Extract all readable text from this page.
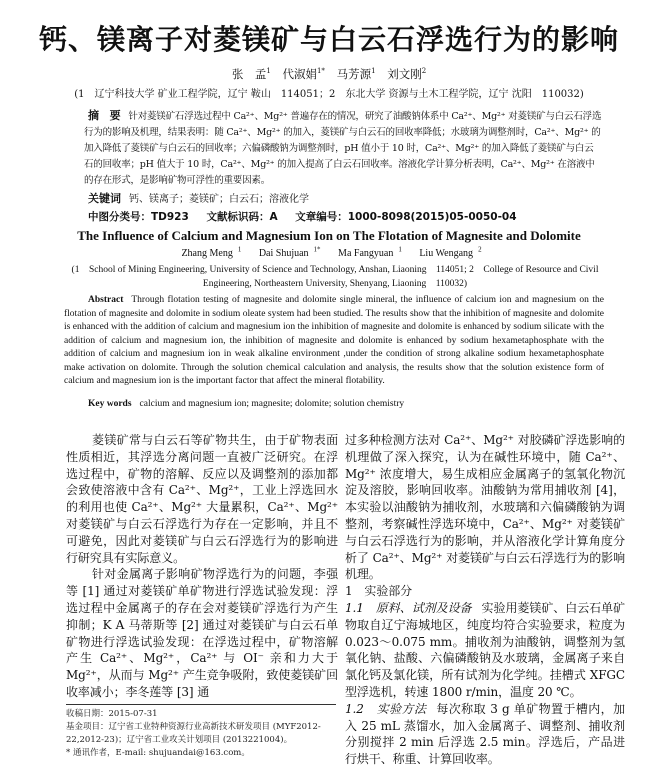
钙、镁离子对菱镁矿与白云石浮选行为的影响
张　孟$^1$ 代淑娟$^{1*}$ 马芳源$^1$ 刘文刚$^2$
(1　辽宁科技大学 矿业工程学院，辽宁 鞍山　114051；2　东北大学 资源与土木工程学院，辽宁 沈阳　110032)
摘　要 针对菱镁矿石浮选过程中 Ca²⁺、Mg²⁺ 普遍存在的情况，研究了油酸钠体系中 Ca²⁺、Mg²⁺ 对菱镁矿与白云石浮选行为的影响及机理，结果表明：随 Ca²⁺、Mg²⁺ 的加入，菱镁矿与白云石的回收率降低；水玻璃为调整剂时，Ca²⁺、Mg²⁺ 的加入降低了菱镁矿与白云石的回收率；六偏磷酸钠为调整剂时，pH 值小于 10 时，Ca²⁺、Mg²⁺ 的加入降低了菱镁矿与白云石的回收率；pH 值大于 10 时，Ca²⁺、Mg²⁺ 的加入提高了白云石回收率。溶液化学计算分析表明，Ca²⁺、Mg²⁺ 在溶液中的存在形式，是影响矿物可浮性的重要因素。
关键词 钙、镁离子；菱镁矿；白云石；溶液化学
中图分类号：TD923 文献标识码：A 文章编号：1000-8098(2015)05-0050-04
The Influence of Calcium and Magnesium Ion on The Flotation of Magnesite and Dolomite
Zhang Meng $^1$ Dai Shujuan $^{1*}$ Ma Fangyuan $^1$ Liu Wengang $^2$
(1　School of Mining Engineering, University of Science and Technology, Anshan, Liaoning　114051; 2　College of Resource and Civil Engineering, Northeastern University, Shenyang, Liaoning　110032)
Abstract Through flotation testing of magnesite and dolomite single mineral, the influence of calcium ion and magnesium on the flotation of magnesite and dolomite in sodium oleate system had been studied. The results show that the inhibition of magnesite and dolomite is enhanced with the addition of calcium and magnesium ion the inhibition of magnesite and dolomite is enhanced by sodium silicate with the addition of calcium and magnesium ion, the inhibition of magnesite and dolomite is enhanced by sodium hexametaphosphate with the addition of calcium and magnesium ion in weak alkaline environment ,under the condition of strong alkaline sodium hexametaphosphate make activation on dolomite. Through the solution chemical calculation and analysis, the results show that the solution existence form of calcium and magnesium ion is the important factor that affect the mineral flotability.
Key words calcium and magnesium ion; magnesite; dolomite; solution chemistry

菱镁矿常与白云石等矿物共生，由于矿物表面性质相近，其浮选分离问题一直被广泛研究。在浮选过程中，矿物的溶解、反应以及调整剂的添加都会致使溶液中含有 Ca²⁺、Mg²⁺，工业上浮选回水的利用也使 Ca²⁺、Mg²⁺ 大量累积，Ca²⁺、Mg²⁺ 对菱镁矿与白云石浮选行为存在一定影响，并且不可避免，因此对菱镁矿与白云石浮选行为的影响进行研究具有实际意义。

针对金属离子影响矿物浮选行为的问题，李强等 [1] 通过对菱镁矿单矿物进行浮选试验发现：浮选过程中金属离子的存在会对菱镁矿浮选行为产生抑制；K A 马蒂斯等 [2] 通过对菱镁矿与白云石单矿物进行浮选试验发现：在浮选过程中，矿物溶解产生 Ca²⁺、Mg²⁺，Ca²⁺ 与 OI⁻ 亲和力大于 Mg²⁺，从而与 Mg²⁺ 产生竞争吸附，致使菱镁矿回收率减小；李冬莲等 [3] 通

收稿日期：2015-07-31
基金项目：辽宁省工业特种资源行业高新技术研发项目 (MYF2012-22,2012-23)；辽宁省工业攻关计划项目 (2013221004)。
* 通讯作者，E-mail: shujuandai@163.com。

过多种检测方法对 Ca²⁺、Mg²⁺ 对胶磷矿浮选影响的机理做了深入探究，认为在碱性环境中，随 Ca²⁺、Mg²⁺ 浓度增大，易生成相应金属离子的氢氧化物沉淀及溶胶，影响回收率。油酸钠为常用捕收剂 [4]，本实验以油酸钠为捕收剂，水玻璃和六偏磷酸钠为调整剂，考察碱性浮选环境中，Ca²⁺、Mg²⁺ 对菱镁矿与白云石浮选行为的影响，并从溶液化学计算角度分析了 Ca²⁺、Mg²⁺ 对菱镁矿与白云石浮选行为的影响机理。

1　实验部分

1.1　原料、试剂及设备 实验用菱镁矿、白云石单矿物取自辽宁海城地区，纯度均符合实验要求，粒度为 0.023～0.075 mm。捕收剂为油酸钠，调整剂为氢氧化钠、盐酸、六偏磷酸钠及水玻璃，金属离子来自氯化钙及氯化镁，所有试剂为化学纯。挂槽式 XFGC 型浮选机，转速 1800 r/min，温度 20 ℃。

1.2　实验方法 每次称取 3 g 单矿物置于槽内，加入 25 mL 蒸馏水，加入金属离子、调整剂、捕收剂分别搅拌 2 min 后浮选 2.5 min。浮选后，产品进行烘干、称重、计算回收率。
